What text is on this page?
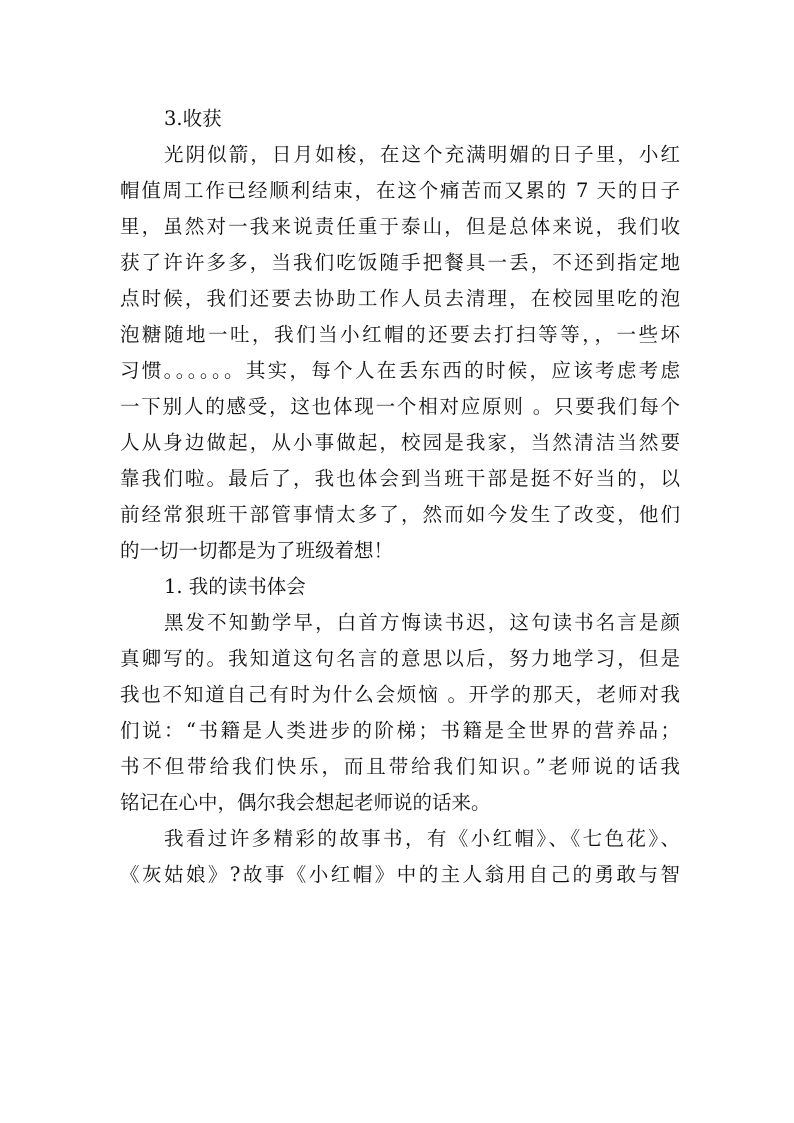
3.收获
光阴似箭，日月如梭，在这个充满明媚的日子里，小红
帽值周工作已经顺利结束，在这个痛苦而又累的 7 天的日子
里，虽然对一我来说责任重于泰山，但是总体来说，我们收
获了许许多多，当我们吃饭随手把餐具一丢，不还到指定地
点时候，我们还要去协助工作人员去清理，在校园里吃的泡
泡糖随地一吐，我们当小红帽的还要去打扫等等，，一些坏
习惯。。。。。。其实，每个人在丢东西的时候，应该考虑考虑
一下别人的感受，这也体现一个相对应原则 。只要我们每个
人从身边做起，从小事做起，校园是我家，当然清洁当然要
靠我们啦。最后了，我也体会到当班干部是挺不好当的，以
前经常狠班干部管事情太多了，然而如今发生了改变，他们
的一切一切都是为了班级着想！
1. 我的读书体会
黑发不知勤学早，白首方悔读书迟，这句读书名言是颜
真卿写的。我知道这句名言的意思以后，努力地学习，但是
我也不知道自己有时为什么会烦恼 。开学的那天，老师对我
们说：“书籍是人类进步的阶梯；书籍是全世界的营养品；
书不但带给我们快乐，而且带给我们知识。”老师说的话我
铭记在心中，偶尔我会想起老师说的话来。
我看过许多精彩的故事书，有《小红帽》、《七色花》、
《灰姑娘》?故事《小红帽》中的主人翁用自己的勇敢与智
